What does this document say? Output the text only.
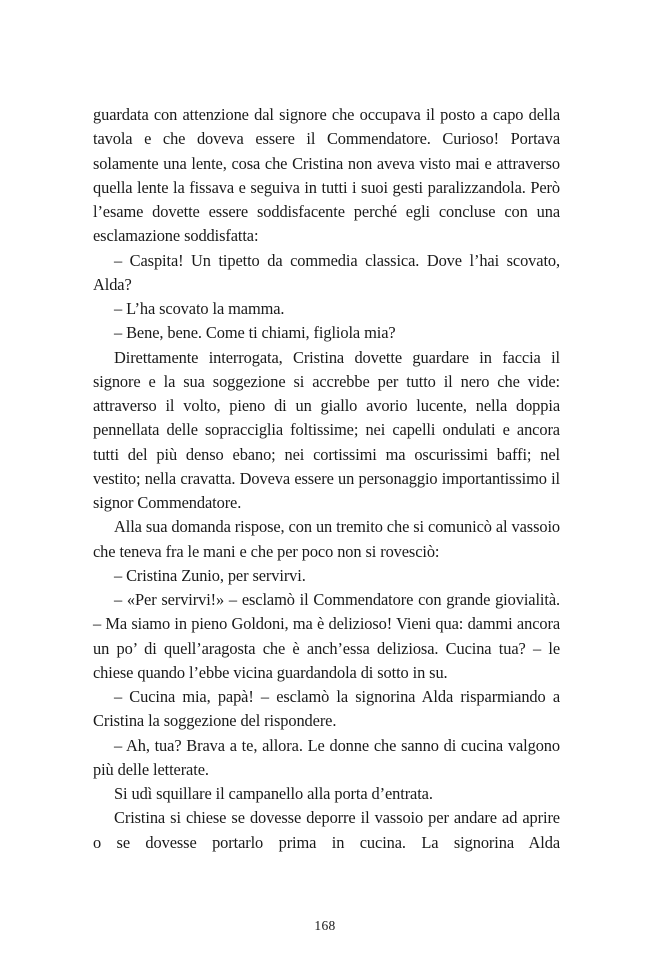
guardata con attenzione dal signore che occupava il posto a capo della tavola e che doveva essere il Commendatore. Curioso! Portava solamente una lente, cosa che Cristina non aveva visto mai e attraverso quella lente la fissava e seguiva in tutti i suoi gesti paralizzandola. Però l’esame dovette essere soddisfacente perché egli concluse con una esclamazione soddisfatta:

– Caspita! Un tipetto da commedia classica. Dove l’hai scovato, Alda?

– L’ha scovato la mamma.

– Bene, bene. Come ti chiami, figliola mia?

Direttamente interrogata, Cristina dovette guardare in faccia il signore e la sua soggezione si accrebbe per tutto il nero che vide: attraverso il volto, pieno di un giallo avorio lucente, nella doppia pennellata delle sopracciglia foltissime; nei capelli ondulati e ancora tutti del più denso ebano; nei cortissimi ma oscurissimi baffi; nel vestito; nella cravatta. Doveva essere un personaggio importantissimo il signor Commendatore.

Alla sua domanda rispose, con un tremito che si comunicò al vassoio che teneva fra le mani e che per poco non si rovesciò:

– Cristina Zunio, per servirvi.

– «Per servirvi!» – esclamò il Commendatore con grande giovialità. – Ma siamo in pieno Goldoni, ma è delizioso! Vieni qua: dammi ancora un po’ di quell’aragosta che è anch’essa deliziosa. Cucina tua? – le chiese quando l’ebbe vicina guardandola di sotto in su.

– Cucina mia, papà! – esclamò la signorina Alda risparmiando a Cristina la soggezione del rispondere.

– Ah, tua? Brava a te, allora. Le donne che sanno di cucina valgono più delle letterate.

Si udì squillare il campanello alla porta d’entrata.

Cristina si chiese se dovesse deporre il vassoio per andare ad aprire o se dovesse portarlo prima in cucina. La signorina Alda

168
